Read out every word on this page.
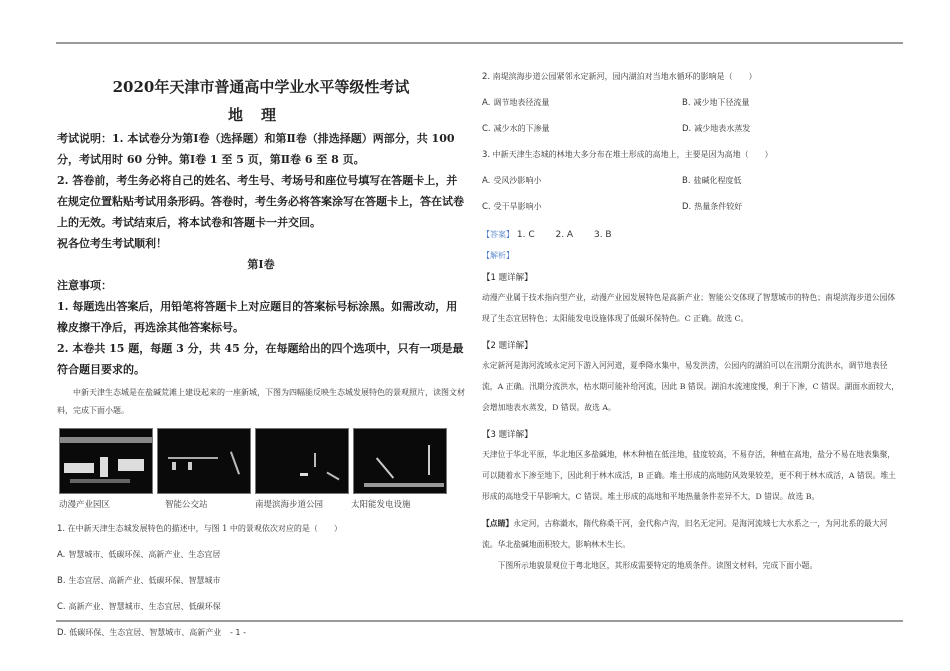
2020年天津市普通高中学业水平等级性考试

地理

考试说明：1. 本试卷分为第Ⅰ卷（选择题）和第Ⅱ卷（排选择题）两部分，共 100 分，考试用时 60 分钟。第Ⅰ卷 1 至 5 页，第Ⅱ卷 6 至 8 页。

2. 答卷前，考生务必将自己的姓名、考生号、考场号和座位号填写在答题卡上，并在规定位置粘贴考试用条形码。答卷时，考生务必将答案涂写在答题卡上，答在试卷上的无效。考试结束后，将本试卷和答题卡一并交回。

祝各位考生考试顺利！

第Ⅰ卷

注意事项：

1. 每题选出答案后，用铅笔将答题卡上对应题目的答案标号标涂黑。如需改动，用橡皮擦干净后，再选涂其他答案标号。

2. 本卷共 15 题，每题 3 分，共 45 分，在每题给出的四个选项中，只有一项是最符合题目要求的。

中新天津生态城是在盐碱荒滩上建设起来的一座新城，下图为四幅能反映生态城发展特色的景观照片，读图文材料，完成下面小题。

动漫产业园区	智能公交站	南堤滨海步道公园	太阳能发电设施

1. 在中新天津生态城发展特色的描述中，与图 1 中的景观依次对应的是（　　）

A. 智慧城市、低碳环保、高新产业、生态宜居

B. 生态宜居、高新产业、低碳环保、智慧城市

C. 高新产业、智慧城市、生态宜居、低碳环保

D. 低碳环保、生态宜居、智慧城市、高新产业

2. 南堤滨海步道公园紧邻永定新河，园内湖泊对当地水循环的影响是（　　）

A. 调节地表径流量	B. 减少地下径流量

C. 减少水的下渗量	D. 减少地表水蒸发

3. 中新天津生态城的林地大多分布在堆土形成的高地上，主要是因为高地（　　）

A. 受风沙影响小	B. 盐碱化程度低

C. 受干旱影响小	D. 热量条件较好

【答案】 1. C 2. A 3. B

【解析】

【1 题详解】

动漫产业属于技术指向型产业，动漫产业园发展特色是高新产业；智能公交体现了智慧城市的特色；南堤滨海步道公园体现了生态宜居特色；太阳能发电设施体现了低碳环保特色。C 正确。故选 C。

【2 题详解】

永定新河是海河流域永定河下游入河河道，夏季降水集中，易发洪涝，公园内的湖泊可以在汛期分流洪水，调节地表径流，A 正确。汛期分流洪水，枯水期可能补给河流，因此 B 错误。湖泊水流速度慢，利于下渗，C 错误。湖面水面较大，会增加地表水蒸发，D 错误。故选 A。

【3 题详解】

天津位于华北平原，华北地区多盐碱地，林木种植在低洼地，盐度较高，不易存活，种植在高地，盐分不易在地表集聚，可以随着水下渗至地下，因此利于林木成活，B 正确。堆土形成的高地防风效果较差，更不利于林木成活，A 错误。堆土形成的高地受干旱影响大，C 错误。堆土形成的高地和平地热量条件差异不大，D 错误。故选 B。

【点睛】永定河，古称瀔水，隋代称桑干河，金代称卢沟，旧名无定河。是海河流域七大水系之一，为河北系的最大河流。华北盐碱地面积较大，影响林木生长。

下图所示地貌景观位于粤北地区，其形成需要特定的地质条件。读图文材料，完成下面小题。

- 1 -
